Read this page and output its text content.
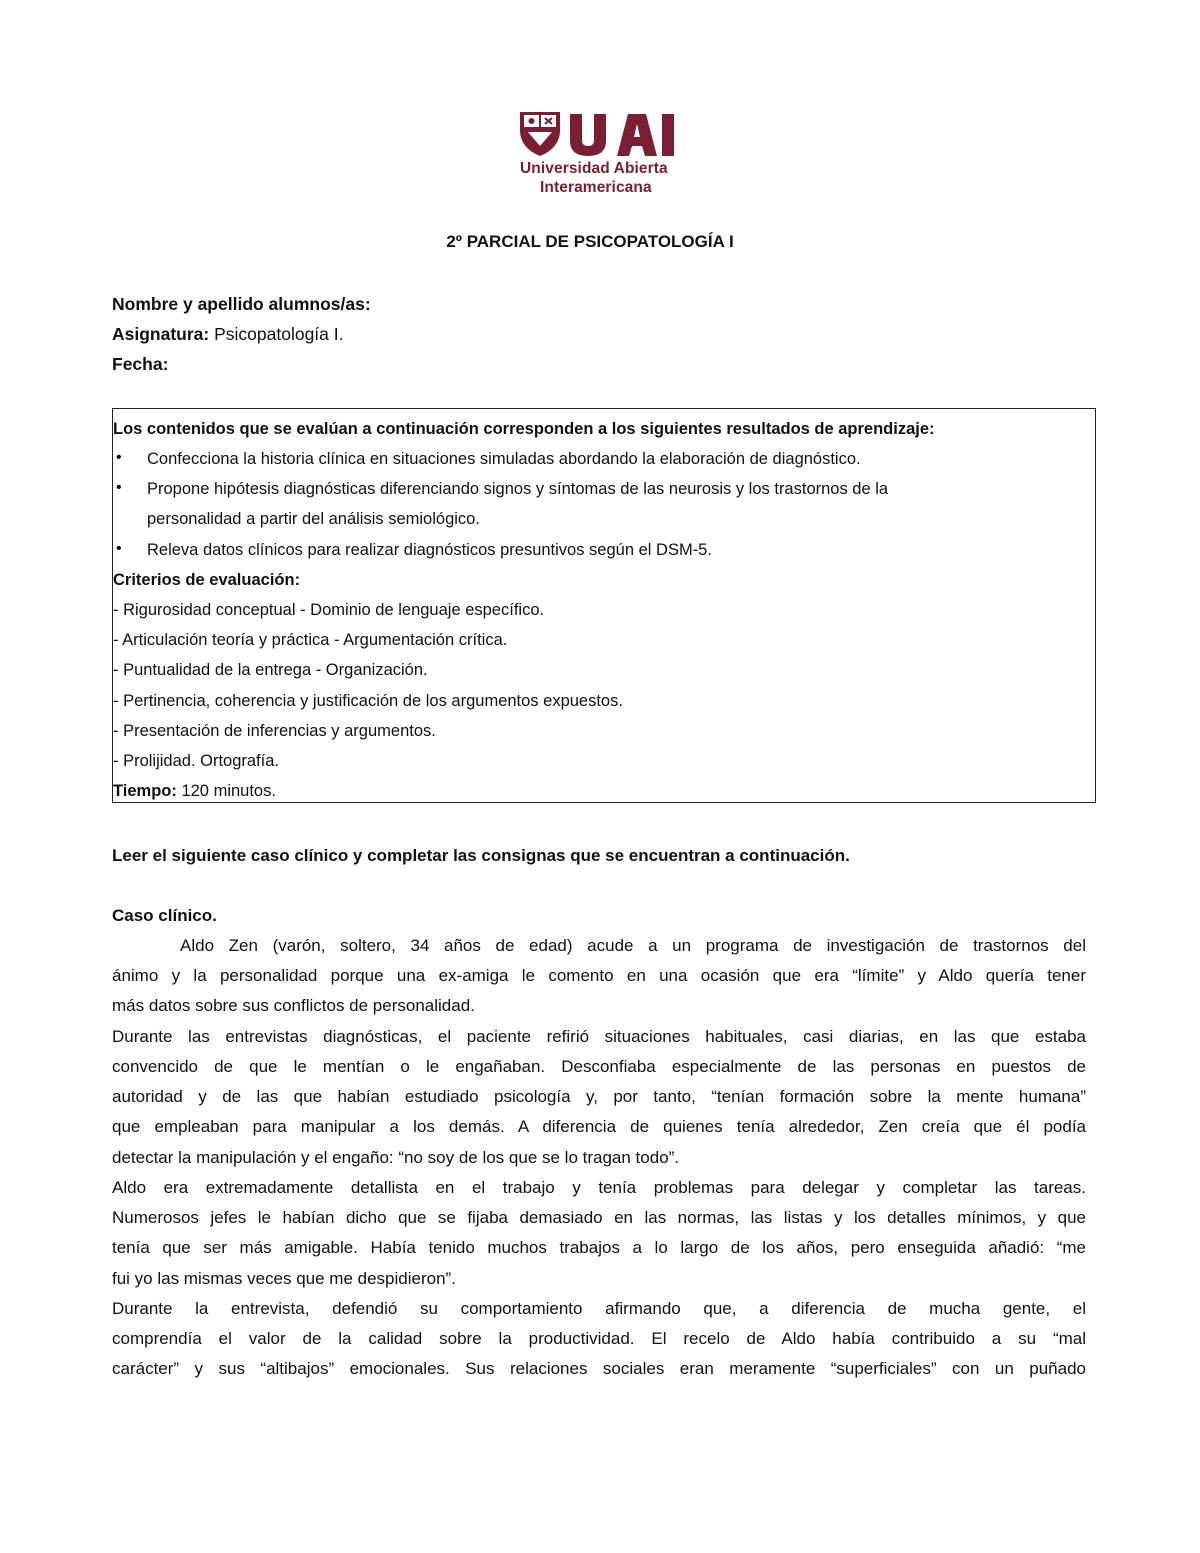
Universidad Abierta
Interamericana
2º PARCIAL DE PSICOPATOLOGÍA I
Nombre y apellido alumnos/as:
Asignatura: Psicopatología I.
Fecha:
Los contenidos que se evalúan a continuación corresponden a los siguientes resultados de aprendizaje:
• Confecciona la historia clínica en situaciones simuladas abordando la elaboración de diagnóstico.
• Propone hipótesis diagnósticas diferenciando signos y síntomas de las neurosis y los trastornos de la
personalidad a partir del análisis semiológico.
• Releva datos clínicos para realizar diagnósticos presuntivos según el DSM-5.
Criterios de evaluación:
- Rigurosidad conceptual - Dominio de lenguaje específico.
- Articulación teoría y práctica - Argumentación crítica.
- Puntualidad de la entrega - Organización.
- Pertinencia, coherencia y justificación de los argumentos expuestos.
- Presentación de inferencias y argumentos.
- Prolijidad. Ortografía.
Tiempo: 120 minutos.
Leer el siguiente caso clínico y completar las consignas que se encuentran a continuación.
Caso clínico.
Aldo Zen (varón, soltero, 34 años de edad) acude a un programa de investigación de trastornos del
ánimo y la personalidad porque una ex-amiga le comento en una ocasión que era “límite” y Aldo quería tener
más datos sobre sus conflictos de personalidad.
Durante las entrevistas diagnósticas, el paciente refirió situaciones habituales, casi diarias, en las que estaba
convencido de que le mentían o le engañaban. Desconfiaba especialmente de las personas en puestos de
autoridad y de las que habían estudiado psicología y, por tanto, “tenían formación sobre la mente humana”
que empleaban para manipular a los demás. A diferencia de quienes tenía alrededor, Zen creía que él podía
detectar la manipulación y el engaño: “no soy de los que se lo tragan todo”.
Aldo era extremadamente detallista en el trabajo y tenía problemas para delegar y completar las tareas.
Numerosos jefes le habían dicho que se fijaba demasiado en las normas, las listas y los detalles mínimos, y que
tenía que ser más amigable. Había tenido muchos trabajos a lo largo de los años, pero enseguida añadió: “me
fui yo las mismas veces que me despidieron”.
Durante la entrevista, defendió su comportamiento afirmando que, a diferencia de mucha gente, el
comprendía el valor de la calidad sobre la productividad. El recelo de Aldo había contribuido a su “mal
carácter” y sus “altibajos” emocionales. Sus relaciones sociales eran meramente “superficiales” con un puñado
